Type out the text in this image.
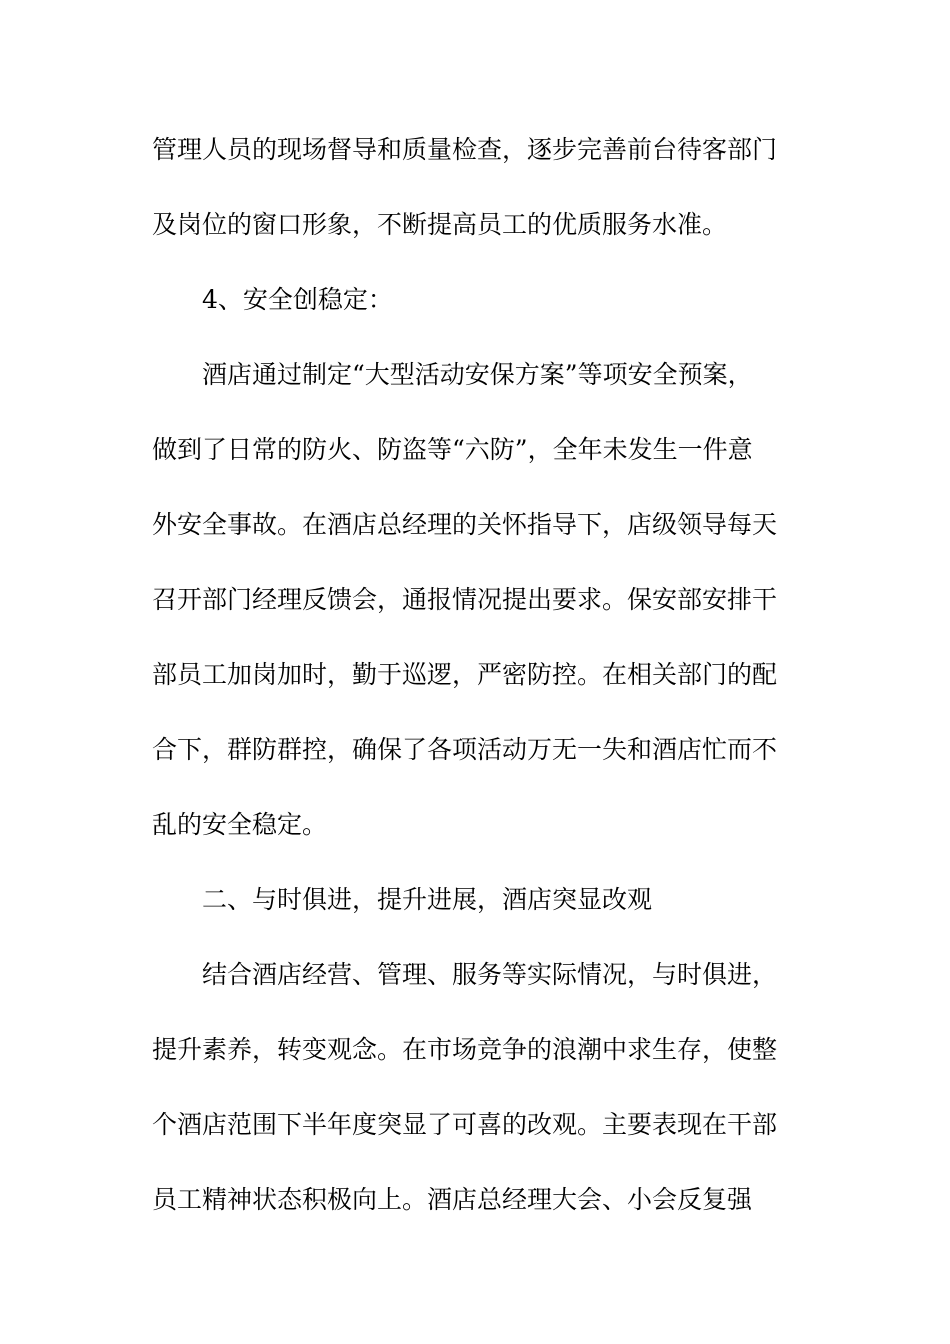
管理人员的现场督导和质量检查，逐步完善前台待客部门
及岗位的窗口形象，不断提高员工的优质服务水准。
4、安全创稳定：
酒店通过制定“大型活动安保方案”等项安全预案，
做到了日常的防火、防盗等“六防”，全年未发生一件意
外安全事故。在酒店总经理的关怀指导下，店级领导每天
召开部门经理反馈会，通报情况提出要求。保安部安排干
部员工加岗加时，勤于巡逻，严密防控。在相关部门的配
合下，群防群控，确保了各项活动万无一失和酒店忙而不
乱的安全稳定。
二、与时俱进，提升进展，酒店突显改观
结合酒店经营、管理、服务等实际情况，与时俱进，
提升素养，转变观念。在市场竞争的浪潮中求生存，使整
个酒店范围下半年度突显了可喜的改观。主要表现在干部
员工精神状态积极向上。酒店总经理大会、小会反复强
